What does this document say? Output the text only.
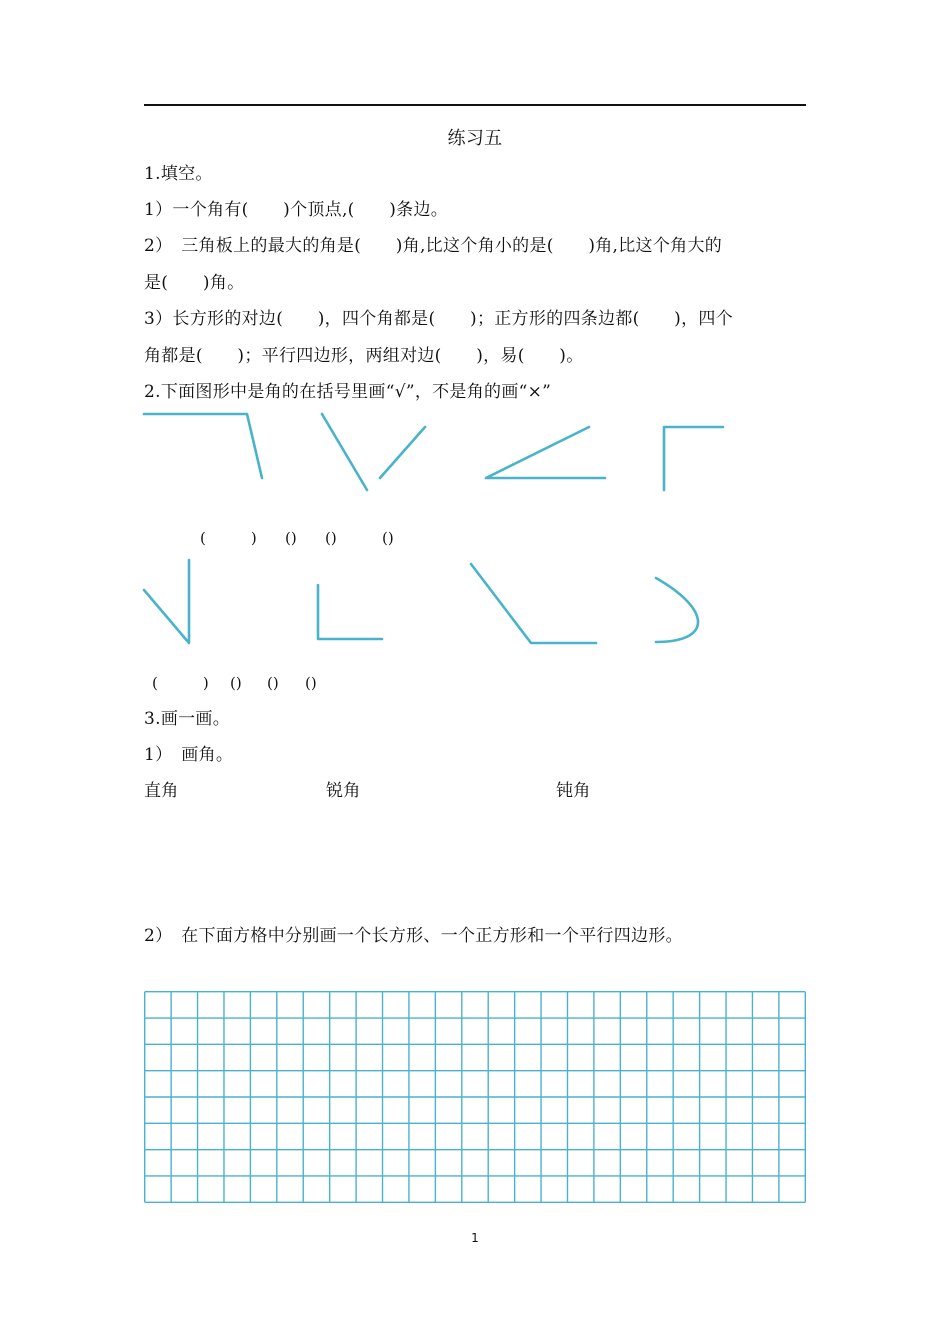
练习五
1.填空。
1）一个角有(　　)个顶点,(　　)条边。
2）　三角板上的最大的角是(　　)角,比这个角小的是(　　)角,比这个角大的
是(　　)角。
3）长方形的对边(　　)，四个角都是(　　)；正方形的四条边都(　　)，四个
角都是(　　)；平行四边形，两组对边(　　)，易(　　)。
2.下面图形中是角的在括号里画“√”，不是角的画“×”
(　　　) () ()	()
(　　　) () () ()
3.画一画。
1）　画角。
直角	锐角	钝角
2）　在下面方格中分别画一个长方形、一个正方形和一个平行四边形。
1
